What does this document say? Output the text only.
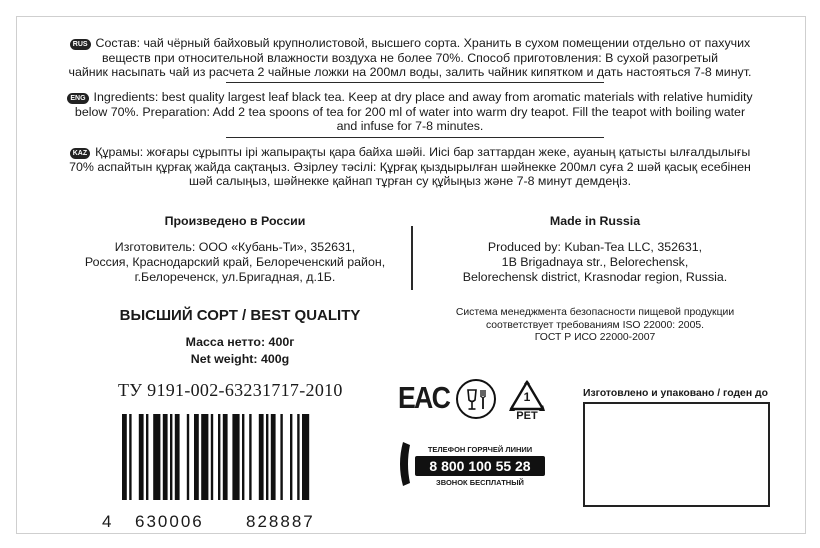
RUS Состав: чай чёрный байховый крупнолистовой, высшего сорта. Хранить в сухом помещении отдельно от пахучих
веществ при относительной влажности воздуха не более 70%. Способ приготовления: В сухой разогретый
чайник насыпать чай из расчета 2 чайные ложки на 200мл воды, залить чайник кипятком и дать настояться 7-8 минут.
ENG Ingredients: best quality largest leaf black tea. Keep at dry place and away from aromatic materials with relative humidity
below 70%. Preparation: Add 2 tea spoons of tea for 200 ml of water into warm dry teapot. Fill the teapot with boiling water
and infuse for 7-8 minutes.
KAZ Құрамы: жоғары сұрыпты ірі жапырақты қара байха шәйі. Иісі бар заттардан жеке, ауаның қатысты ылғалдылығы
70% аспайтын құрғақ жайда сақтаңыз. Әзірлеу тәсілі: Құрғақ қыздырылған шәйнекке 200мл суға 2 шәй қасық есебінен
шәй салыңыз, шәйнекке қайнап тұрған су құйыңыз және 7-8 минут демдеңіз.
Произведено в России
Изготовитель: ООО «Кубань-Ти», 352631,
Россия, Краснодарский край, Белореченский район,
г.Белореченск, ул.Бригадная, д.1Б.
Made in Russia
Produced by: Kuban-Tea LLC, 352631,
1B Brigadnaya str., Belorechensk,
Belorechensk district, Krasnodar region, Russia.
ВЫСШИЙ СОРТ / BEST QUALITY
Масса нетто: 400г
Net weight: 400g
Система менеджмента безопасности пищевой продукции
соответствует требованиям ISO 22000: 2005.
ГОСТ Р ИСО 22000-2007
ТУ 9191-002-63231717-2010
4 630006 828887
EAC	1
PET
ТЕЛЕФОН ГОРЯЧЕЙ ЛИНИИ
8 800 100 55 28
ЗВОНОК БЕСПЛАТНЫЙ
Изготовлено и упаковано / годен до
